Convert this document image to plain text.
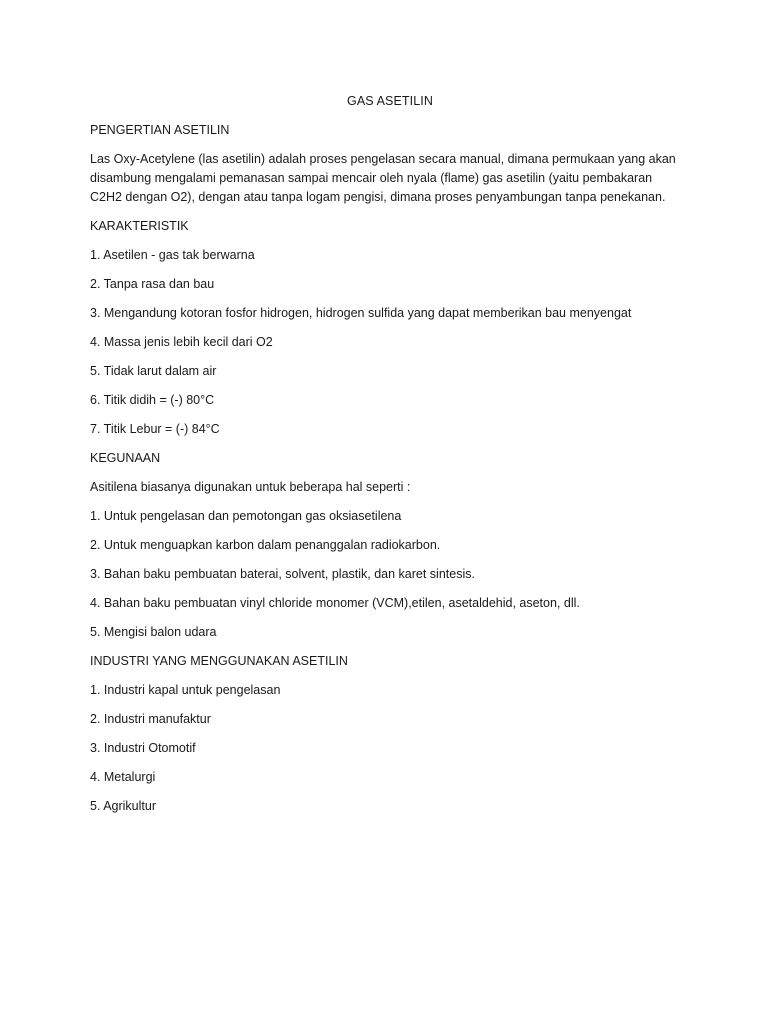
GAS ASETILIN
PENGERTIAN ASETILIN
Las Oxy-Acetylene (las asetilin) adalah proses pengelasan secara manual, dimana permukaan yang akan
disambung mengalami pemanasan sampai mencair oleh nyala (flame) gas asetilin (yaitu pembakaran
C2H2 dengan O2), dengan atau tanpa logam pengisi, dimana proses penyambungan tanpa penekanan.
KARAKTERISTIK
1. Asetilen - gas tak berwarna
2. Tanpa rasa dan bau
3. Mengandung kotoran fosfor hidrogen, hidrogen sulfida yang dapat memberikan bau menyengat
4. Massa jenis lebih kecil dari O2
5. Tidak larut dalam air
6. Titik didih = (-) 80°C
7. Titik Lebur = (-) 84°C
KEGUNAAN
Asitilena biasanya digunakan untuk beberapa hal seperti :
1. Untuk pengelasan dan pemotongan gas oksiasetilena
2. Untuk menguapkan karbon dalam penanggalan radiokarbon.
3. Bahan baku pembuatan baterai, solvent, plastik, dan karet sintesis.
4. Bahan baku pembuatan vinyl chloride monomer (VCM),etilen, asetaldehid, aseton, dll.
5. Mengisi balon udara
INDUSTRI YANG MENGGUNAKAN ASETILIN
1. Industri kapal untuk pengelasan
2. Industri manufaktur
3. Industri Otomotif
4. Metalurgi
5. Agrikultur
